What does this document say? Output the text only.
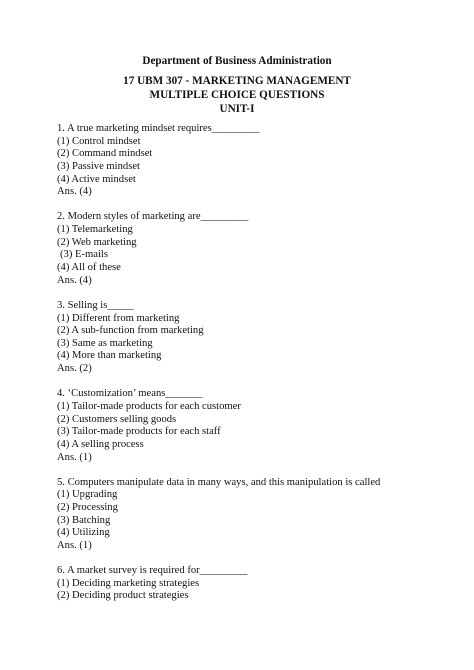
Department of Business Administration
17 UBM 307 - MARKETING MANAGEMENT
MULTIPLE CHOICE QUESTIONS
UNIT-I
1. A true marketing mindset requires_________
(1) Control mindset
(2) Command mindset
(3) Passive mindset
(4) Active mindset
Ans. (4)
2. Modern styles of marketing are_________
(1) Telemarketing
(2) Web marketing
(3) E-mails
(4) All of these
Ans. (4)
3. Selling is_____
(1) Different from marketing
(2) A sub-function from marketing
(3) Same as marketing
(4) More than marketing
Ans. (2)
4. ‘Customization’ means_______
(1) Tailor-made products for each customer
(2) Customers selling goods
(3) Tailor-made products for each staff
(4) A selling process
Ans. (1)
5. Computers manipulate data in many ways, and this manipulation is called
(1) Upgrading
(2) Processing
(3) Batching
(4) Utilizing
Ans. (1)
6. A market survey is required for_________
(1) Deciding marketing strategies
(2) Deciding product strategies
